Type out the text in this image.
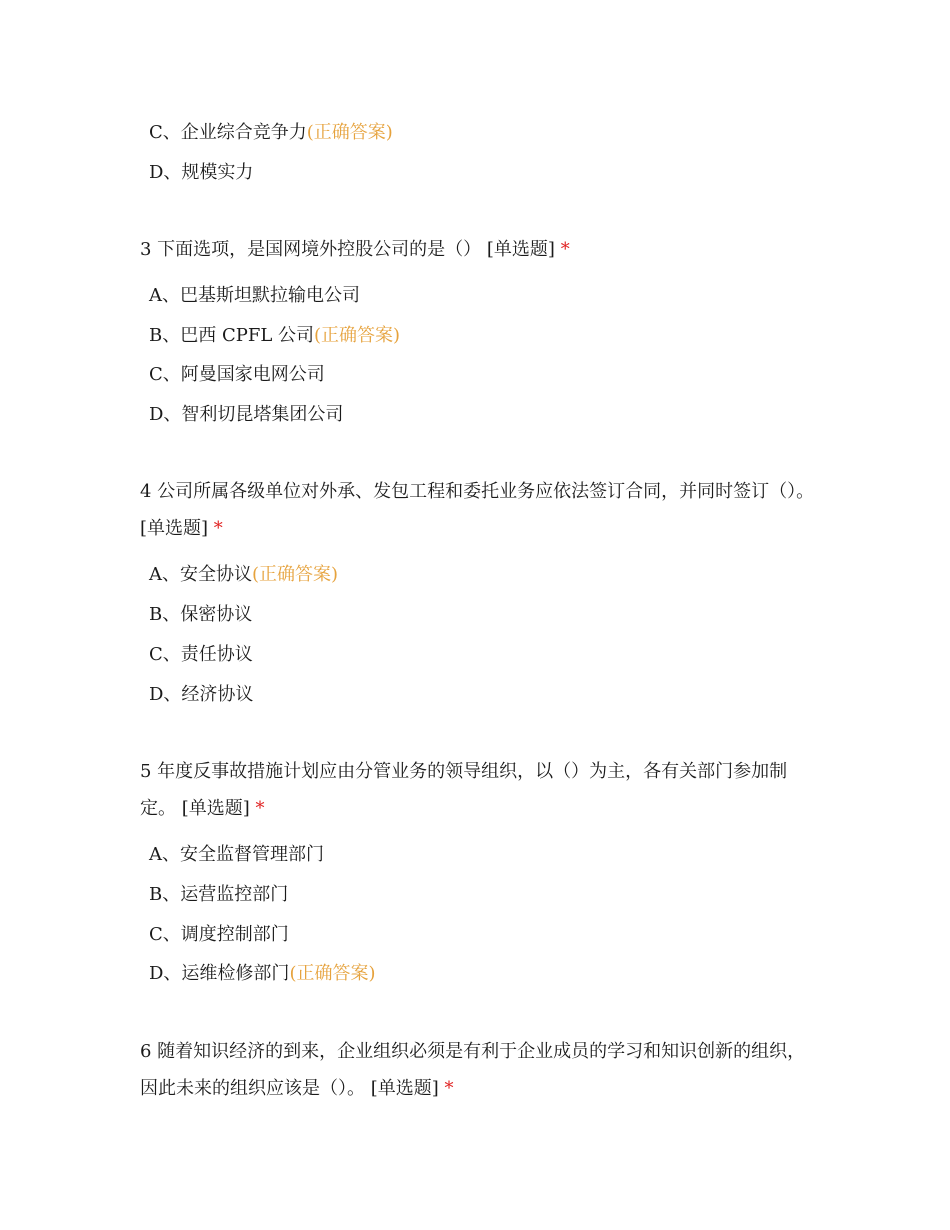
C、企业综合竞争力(正确答案)
D、规模实力
3 下面选项，是国网境外控股公司的是（） [单选题] *
A、巴基斯坦默拉输电公司
B、巴西 CPFL 公司(正确答案)
C、阿曼国家电网公司
D、智利切昆塔集团公司
4 公司所属各级单位对外承、发包工程和委托业务应依法签订合同，并同时签订（）。 [单选题] *
A、安全协议(正确答案)
B、保密协议
C、责任协议
D、经济协议
5 年度反事故措施计划应由分管业务的领导组织，以（）为主，各有关部门参加制定。 [单选题] *
A、安全监督管理部门
B、运营监控部门
C、调度控制部门
D、运维检修部门(正确答案)
6 随着知识经济的到来，企业组织必须是有利于企业成员的学习和知识创新的组织，因此未来的组织应该是（）。 [单选题] *
